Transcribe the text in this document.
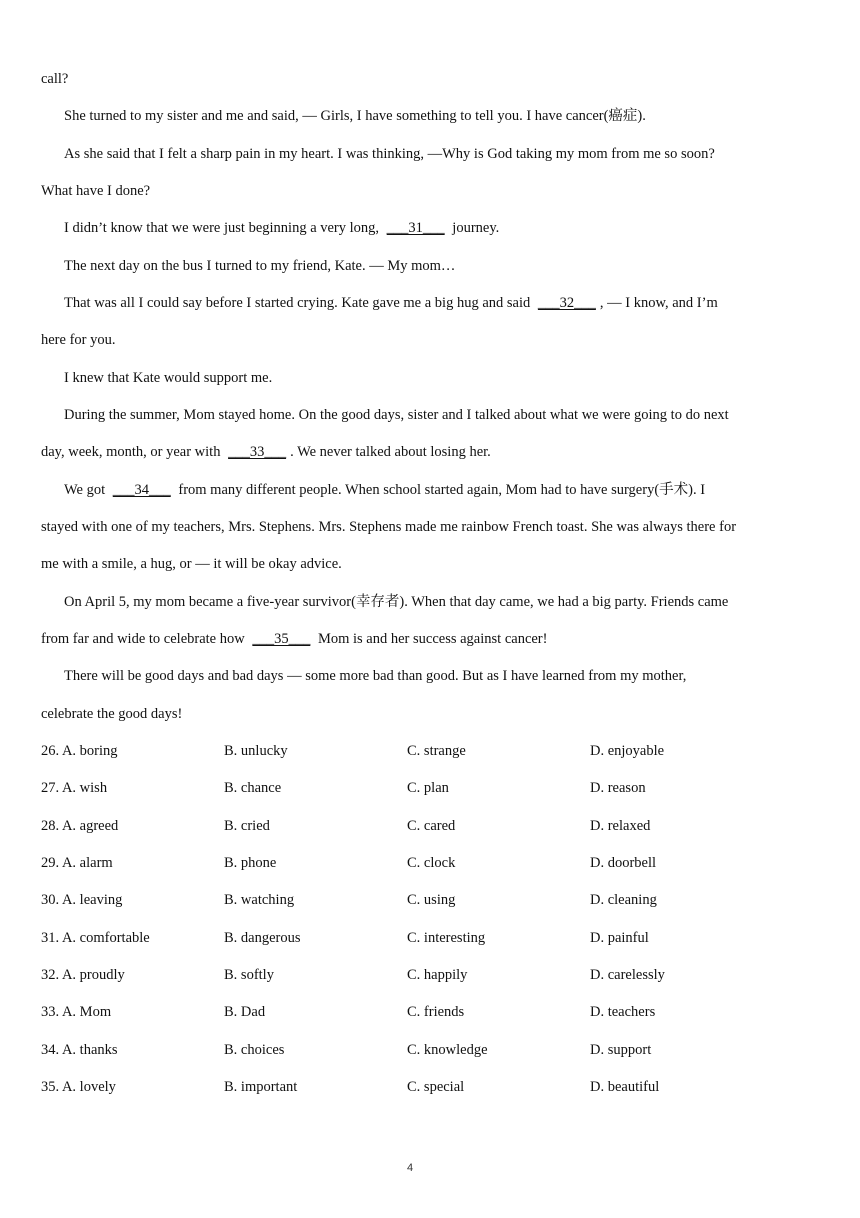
call?
She turned to my sister and me and said, ― Girls, I have something to tell you. I have cancer(癌症).
As she said that I felt a sharp pain in my heart. I was thinking, ―Why is God taking my mom from me so soon?
What have I done?
I didn’t know that we were just beginning a very long, ___31___ journey.
The next day on the bus I turned to my friend, Kate. ― My mom…
That was all I could say before I started crying. Kate gave me a big hug and said ___32___ , ― I know, and I’m
here for you.
I knew that Kate would support me.
During the summer, Mom stayed home. On the good days, sister and I talked about what we were going to do next
day, week, month, or year with ___33___ . We never talked about losing her.
We got ___34___ from many different people. When school started again, Mom had to have surgery(手术). I
stayed with one of my teachers, Mrs. Stephens. Mrs. Stephens made me rainbow French toast. She was always there for
me with a smile, a hug, or ― it will be okay advice.
On April 5, my mom became a five-year survivor(幸存者). When that day came, we had a big party. Friends came
from far and wide to celebrate how ___35___ Mom is and her success against cancer!
There will be good days and bad days — some more bad than good. But as I have learned from my mother,
celebrate the good days!
26. A. boring	B. unlucky	C. strange	D. enjoyable
27. A. wish	B. chance	C. plan	D. reason
28. A. agreed	B. cried	C. cared	D. relaxed
29. A. alarm	B. phone	C. clock	D. doorbell
30. A. leaving	B. watching	C. using	D. cleaning
31. A. comfortable	B. dangerous	C. interesting	D. painful
32. A. proudly	B. softly	C. happily	D. carelessly
33. A. Mom	B. Dad	C. friends	D. teachers
34. A. thanks	B. choices	C. knowledge	D. support
35. A. lovely	B. important	C. special	D. beautiful
4
